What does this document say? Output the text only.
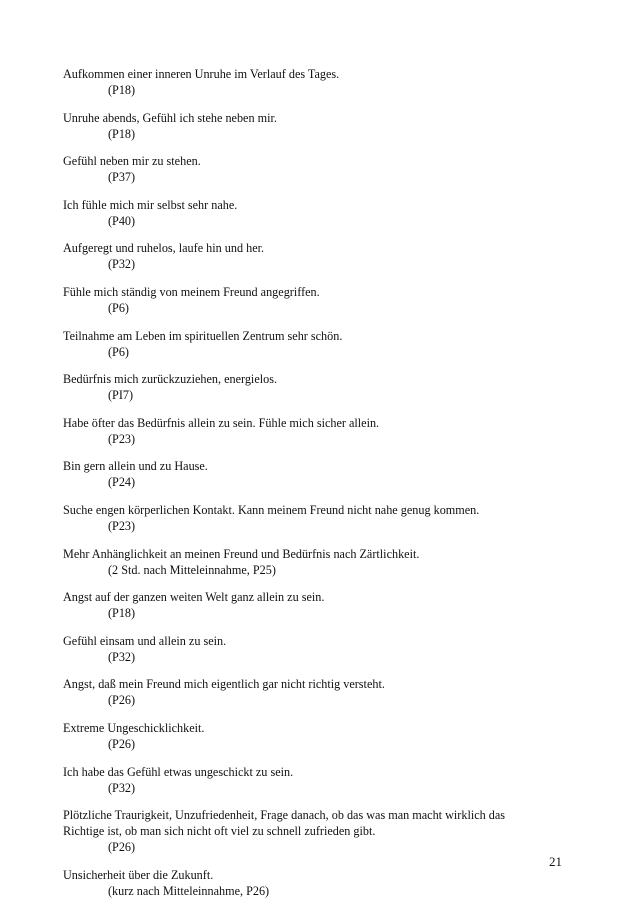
Aufkommen einer inneren Unruhe im Verlauf des Tages.
(P18)
Unruhe abends, Gefühl ich stehe neben mir.
(P18)
Gefühl neben mir zu stehen.
(P37)
Ich fühle mich mir selbst sehr nahe.
(P40)
Aufgeregt und ruhelos, laufe hin und her.
(P32)
Fühle mich ständig von meinem Freund angegriffen.
(P6)
Teilnahme am Leben im spirituellen Zentrum sehr schön.
(P6)
Bedürfnis mich zurückzuziehen, energielos.
(PI7)
Habe öfter das Bedürfnis allein zu sein. Fühle mich sicher allein.
(P23)
Bin gern allein und zu Hause.
(P24)
Suche engen körperlichen Kontakt. Kann meinem Freund nicht nahe genug kommen.
(P23)
Mehr Anhänglichkeit an meinen Freund und Bedürfnis nach Zärtlichkeit.
(2 Std. nach Mitteleinnahme, P25)
Angst auf der ganzen weiten Welt ganz allein zu sein.
(P18)
Gefühl einsam und allein zu sein.
(P32)
Angst, daß mein Freund mich eigentlich gar nicht richtig versteht.
(P26)
Extreme Ungeschicklichkeit.
(P26)
Ich habe das Gefühl etwas ungeschickt zu sein.
(P32)
Plötzliche Traurigkeit, Unzufriedenheit, Frage danach, ob das was man macht wirklich das
Richtige ist, ob man sich nicht oft viel zu schnell zufrieden gibt.
(P26)
Unsicherheit über die Zukunft.
(kurz nach Mitteleinnahme, P26)
21
